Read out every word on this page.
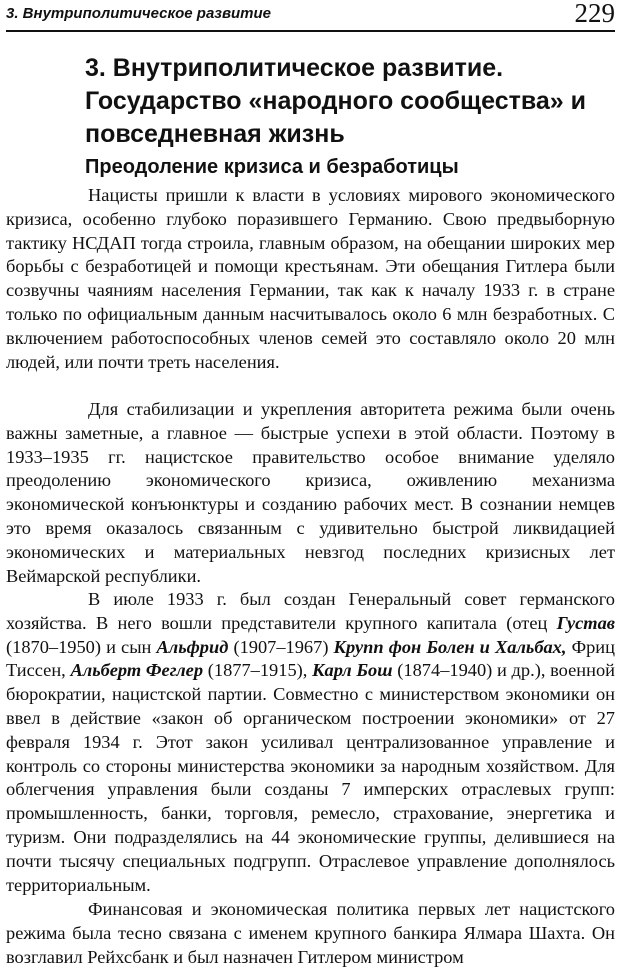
3. Внутриполитическое развитие	229
3. Внутриполитическое развитие. Государство «народного сообщества» и повседневная жизнь
Преодоление кризиса и безработицы

Нацисты пришли к власти в условиях мирового экономического кризиса, особенно глубоко поразившего Германию. Свою предвыборную тактику НСДАП тогда строила, главным образом, на обещании широких мер борьбы с безработицей и помощи крестьянам. Эти обещания Гитлера были созвучны чаяниям населения Германии, так как к началу 1933 г. в стране только по официальным данным насчитывалось около 6 млн безработных. С включением работоспособных членов семей это составляло около 20 млн людей, или почти треть населения.

Для стабилизации и укрепления авторитета режима были очень важны заметные, а главное — быстрые успехи в этой области. Поэтому в 1933–1935 гг. нацистское правительство особое внимание уделяло преодолению экономического кризиса, оживлению механизма экономической конъюнктуры и созданию рабочих мест. В сознании немцев это время оказалось связанным с удивительно быстрой ликвидацией экономических и материальных невзгод последних кризисных лет Веймарской республики.

В июле 1933 г. был создан Генеральный совет германского хозяйства. В него вошли представители крупного капитала (отец Густав (1870–1950) и сын Альфрид (1907–1967) Крупп фон Болен и Хальбах, Фриц Тиссен, Альберт Феглер (1877–1915), Карл Бош (1874–1940) и др.), военной бюрократии, нацистской партии. Совместно с министерством экономики он ввел в действие «закон об органическом построении экономики» от 27 февраля 1934 г. Этот закон усиливал централизованное управление и контроль со стороны министерства экономики за народным хозяйством. Для облегчения управления были созданы 7 имперских отраслевых групп: промышленность, банки, торговля, ремесло, страхование, энергетика и туризм. Они подразделялись на 44 экономические группы, делившиеся на почти тысячу специальных подгрупп. Отраслевое управление дополнялось территориальным.

Финансовая и экономическая политика первых лет нацистского режима была тесно связана с именем крупного банкира Ялмара Шахта. Он возглавил Рейхсбанк и был назначен Гитлером министром
